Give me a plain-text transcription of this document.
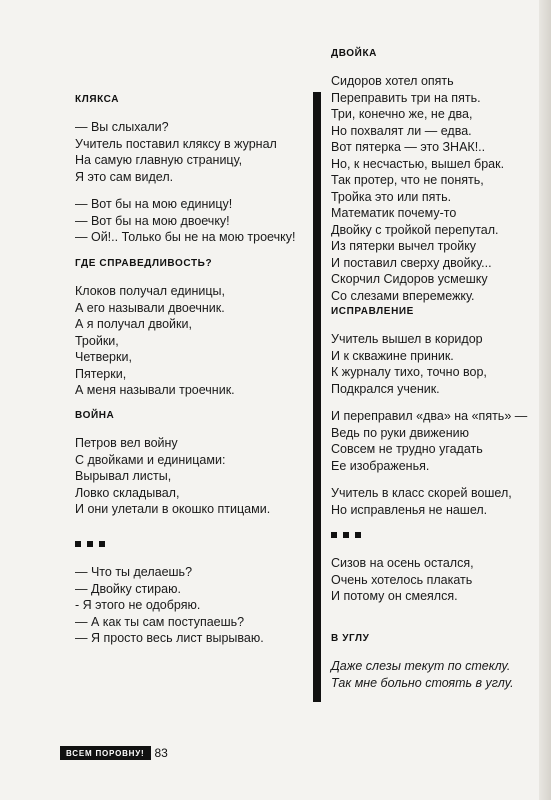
КЛЯКСА
— Вы слыхали?
Учитель поставил кляксу в журнал
На самую главную страницу,
Я это сам видел.
— Вот бы на мою единицу!
— Вот бы на мою двоечку!
— Ой!.. Только бы не на мою троечку!
ГДЕ СПРАВЕДЛИВОСТЬ?
Клоков получал единицы,
А его называли двоечник.
А я получал двойки,
Тройки,
Четверки,
Пятерки,
А меня называли троечник.
ВОЙНА
Петров вел войну
С двойками и единицами:
Вырывал листы,
Ловко складывал,
И они улетали в окошко птицами.
— Что ты делаешь?
— Двойку стираю.
- Я этого не одобряю.
— А как ты сам поступаешь?
— Я просто весь лист вырываю.
ДВОЙКА
Сидоров хотел опять
Переправить три на пять.
Три, конечно же, не два,
Но похвалят ли — едва.
Вот пятерка — это ЗНАК!..
Но, к несчастью, вышел брак.
Так протер, что не понять,
Тройка это или пять.
Математик почему-то
Двойку с тройкой перепутал.
Из пятерки вычел тройку
И поставил сверху двойку...
Скорчил Сидоров усмешку
Со слезами вперемежку.
ИСПРАВЛЕНИЕ
Учитель вышел в коридор
И к скважине приник.
К журналу тихо, точно вор,
Подкрался ученик.
И переправил «два» на «пять» —
Ведь по руки движению
Совсем не трудно угадать
Ее изображенья.
Учитель в класс скорей вошел,
Но исправленья не нашел.
Сизов на осень остался,
Очень хотелось плакать
И потому он смеялся.
В УГЛУ
Даже слезы текут по стеклу.
Так мне больно стоять в углу.
ВСЕМ ПОРОВНУ! 83
